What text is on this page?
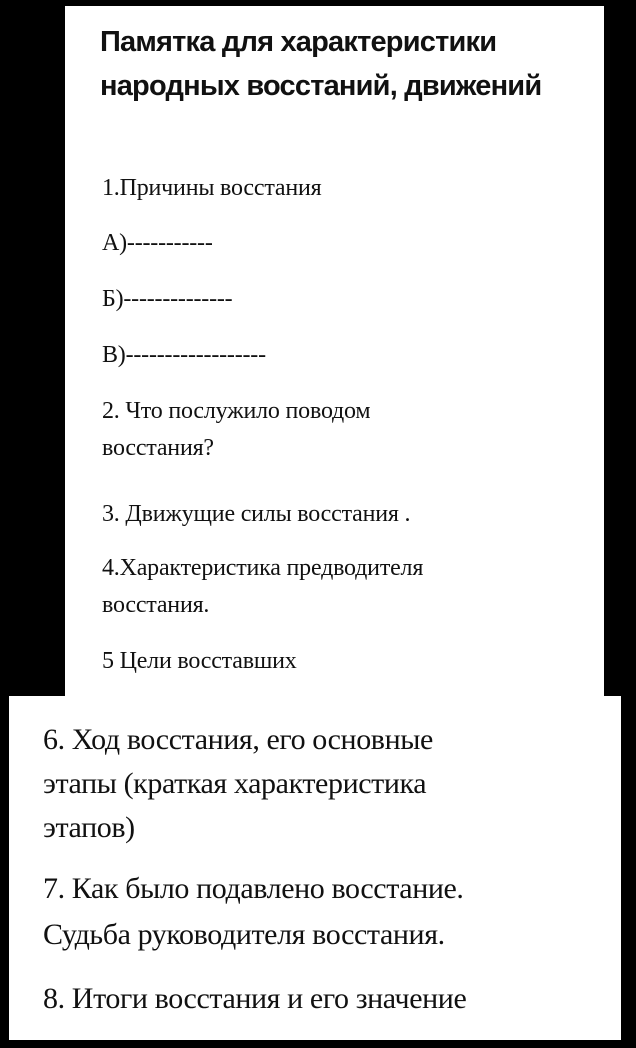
Памятка для характеристики народных восстаний, движений

1.Причины восстания

А)-----------

Б)--------------

В)------------------

2. Что послужило поводом

восстания?

3. Движущие силы восстания .

4.Характеристика предводителя

восстания.

5 Цели восставших

6. Ход восстания, его основные

этапы (краткая характеристика

этапов)

7. Как было подавлено восстание.

Судьба руководителя восстания.

8. Итоги восстания и его значение
